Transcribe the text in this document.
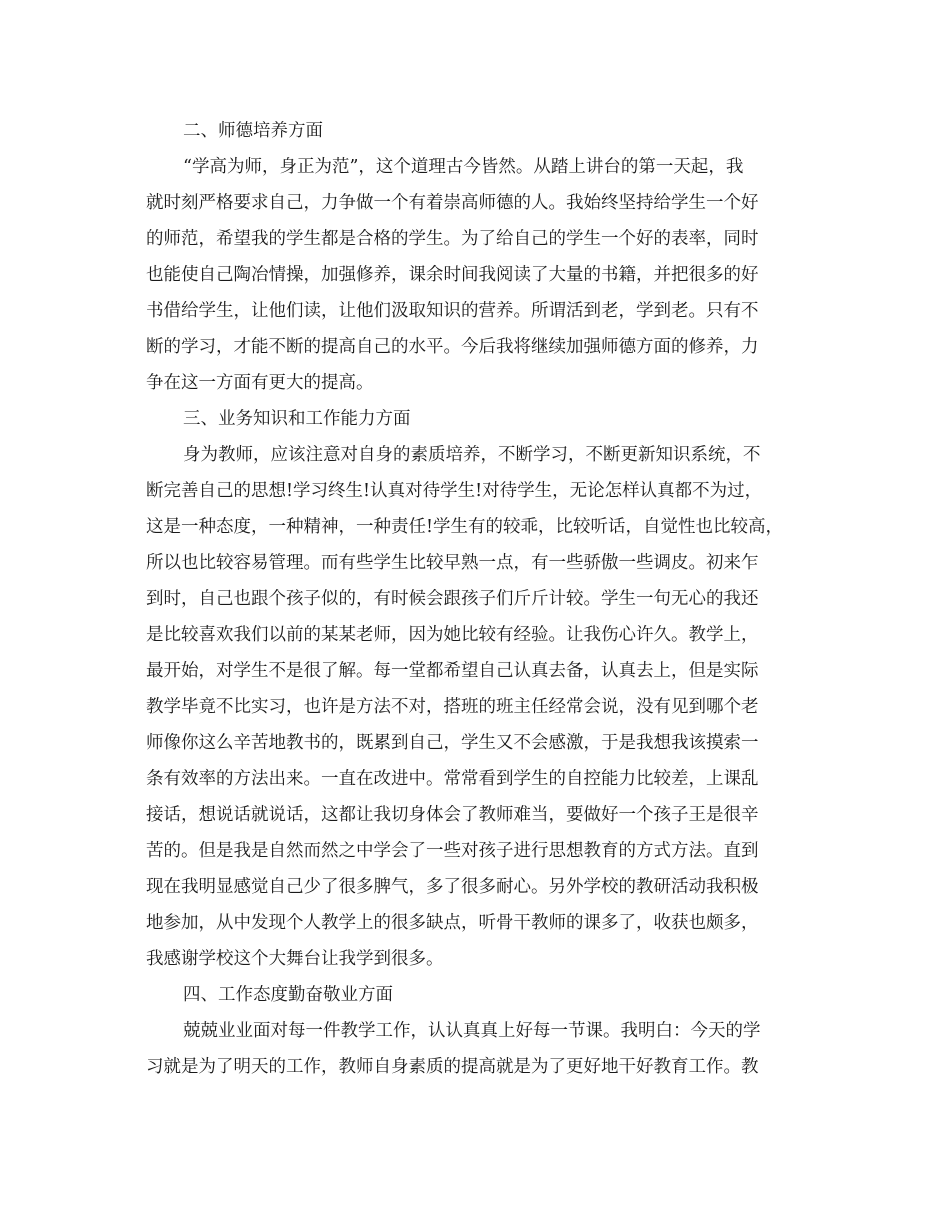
二、师德培养方面
“学高为师，身正为范”，这个道理古今皆然。从踏上讲台的第一天起，我
就时刻严格要求自己，力争做一个有着崇高师德的人。我始终坚持给学生一个好
的师范，希望我的学生都是合格的学生。为了给自己的学生一个好的表率，同时
也能使自己陶冶情操，加强修养，课余时间我阅读了大量的书籍，并把很多的好
书借给学生，让他们读，让他们汲取知识的营养。所谓活到老，学到老。只有不
断的学习，才能不断的提高自己的水平。今后我将继续加强师德方面的修养，力
争在这一方面有更大的提高。
三、业务知识和工作能力方面
身为教师，应该注意对自身的素质培养，不断学习，不断更新知识系统，不
断完善自己的思想!学习终生!认真对待学生!对待学生，无论怎样认真都不为过，
这是一种态度，一种精神，一种责任!学生有的较乖，比较听话，自觉性也比较高，
所以也比较容易管理。而有些学生比较早熟一点，有一些骄傲一些调皮。初来乍
到时，自己也跟个孩子似的，有时候会跟孩子们斤斤计较。学生一句无心的我还
是比较喜欢我们以前的某某老师，因为她比较有经验。让我伤心许久。教学上，
最开始，对学生不是很了解。每一堂都希望自己认真去备，认真去上，但是实际
教学毕竟不比实习，也许是方法不对，搭班的班主任经常会说，没有见到哪个老
师像你这么辛苦地教书的，既累到自己，学生又不会感激，于是我想我该摸索一
条有效率的方法出来。一直在改进中。常常看到学生的自控能力比较差，上课乱
接话，想说话就说话，这都让我切身体会了教师难当，要做好一个孩子王是很辛
苦的。但是我是自然而然之中学会了一些对孩子进行思想教育的方式方法。直到
现在我明显感觉自己少了很多脾气，多了很多耐心。另外学校的教研活动我积极
地参加，从中发现个人教学上的很多缺点，听骨干教师的课多了，收获也颇多，
我感谢学校这个大舞台让我学到很多。
四、工作态度勤奋敬业方面
兢兢业业面对每一件教学工作，认认真真上好每一节课。我明白：今天的学
习就是为了明天的工作，教师自身素质的提高就是为了更好地干好教育工作。教
